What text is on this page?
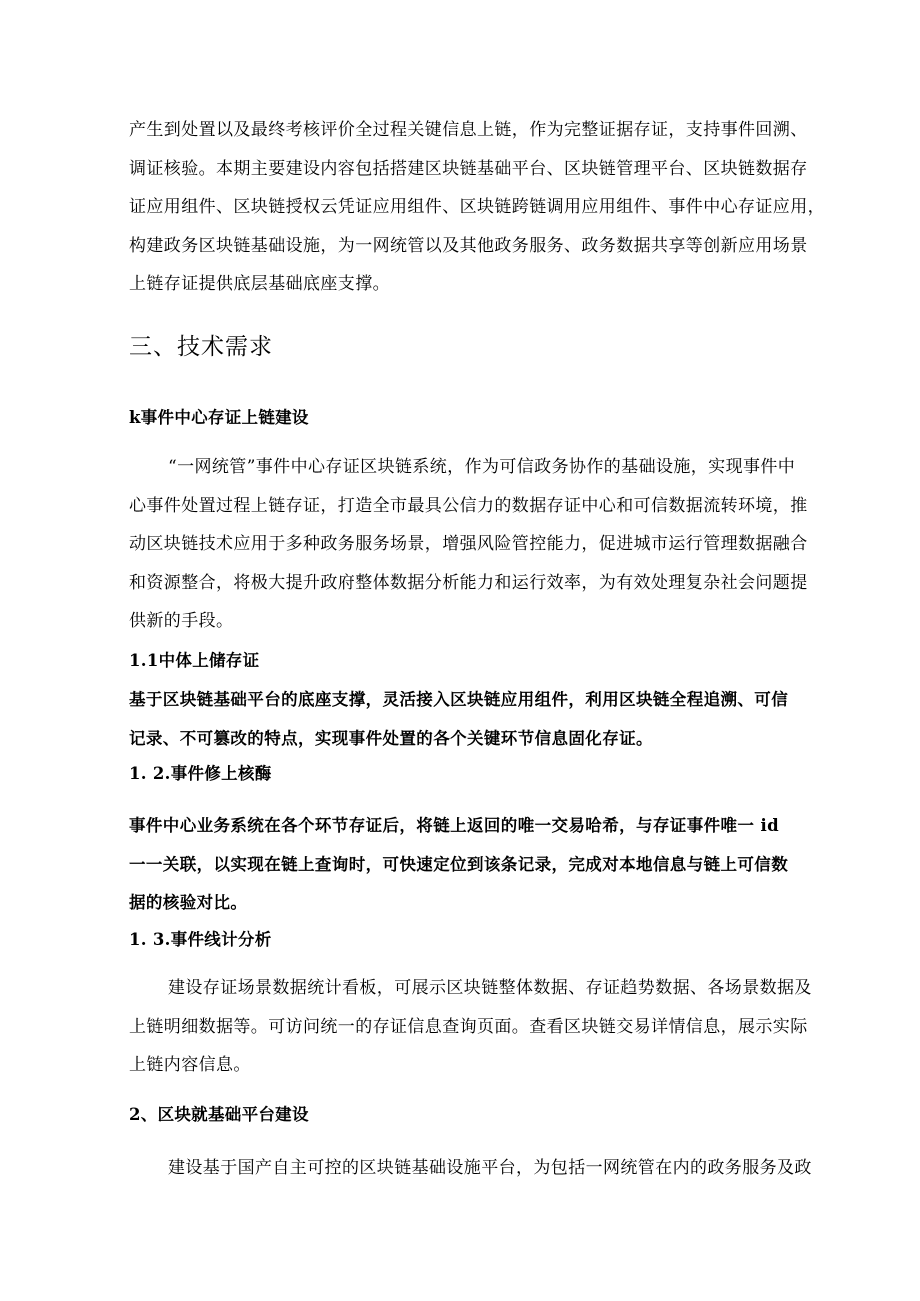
产生到处置以及最终考核评价全过程关键信息上链，作为完整证据存证，支持事件回溯、
调证核验。本期主要建设内容包括搭建区块链基础平台、区块链管理平台、区块链数据存
证应用组件、区块链授权云凭证应用组件、区块链跨链调用应用组件、事件中心存证应用，
构建政务区块链基础设施，为一网统管以及其他政务服务、政务数据共享等创新应用场景
上链存证提供底层基础底座支撑。
三、技术需求
k事件中心存证上链建设
“一网统管”事件中心存证区块链系统，作为可信政务协作的基础设施，实现事件中
心事件处置过程上链存证，打造全市最具公信力的数据存证中心和可信数据流转环境，推
动区块链技术应用于多种政务服务场景，增强风险管控能力，促进城市运行管理数据融合
和资源整合，将极大提升政府整体数据分析能力和运行效率，为有效处理复杂社会问题提
供新的手段。
1.1中体上储存证
基于区块链基础平台的底座支撑，灵活接入区块链应用组件，利用区块链全程追溯、可信
记录、不可篡改的特点，实现事件处置的各个关键环节信息固化存证。
1. 2.事件修上核酶
事件中心业务系统在各个环节存证后，将链上返回的唯一交易哈希，与存证事件唯一 id
一一关联，以实现在链上查询时，可快速定位到该条记录，完成对本地信息与链上可信数
据的核验对比。
1. 3.事件线计分析
建设存证场景数据统计看板，可展示区块链整体数据、存证趋势数据、各场景数据及
上链明细数据等。可访问统一的存证信息查询页面。查看区块链交易详情信息，展示实际
上链内容信息。
2、区块就基础平台建设
建设基于国产自主可控的区块链基础设施平台，为包括一网统管在内的政务服务及政
